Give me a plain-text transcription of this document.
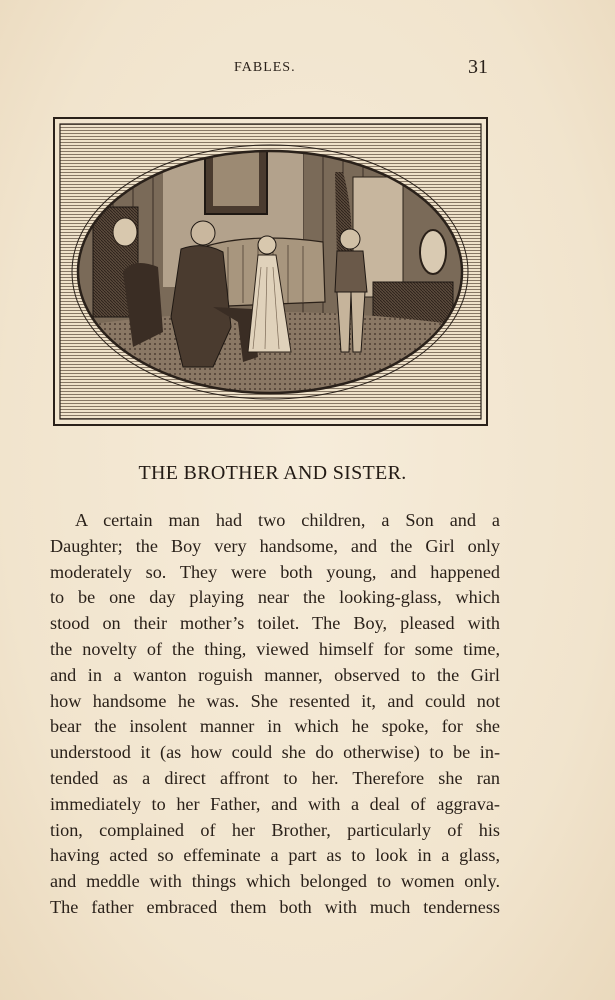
FABLES.	31
THE BROTHER AND SISTER.
A certain man had two children, a Son and a
Daughter; the Boy very handsome, and the Girl only
moderately so. They were both young, and happened
to be one day playing near the looking-glass, which
stood on their mother’s toilet. The Boy, pleased with
the novelty of the thing, viewed himself for some time,
and in a wanton roguish manner, observed to the Girl
how handsome he was. She resented it, and could not
bear the insolent manner in which he spoke, for she
understood it (as how could she do otherwise) to be in-
tended as a direct affront to her. Therefore she ran
immediately to her Father, and with a deal of aggrava-
tion, complained of her Brother, particularly of his
having acted so effeminate a part as to look in a glass,
and meddle with things which belonged to women only.
The father embraced them both with much tenderness
